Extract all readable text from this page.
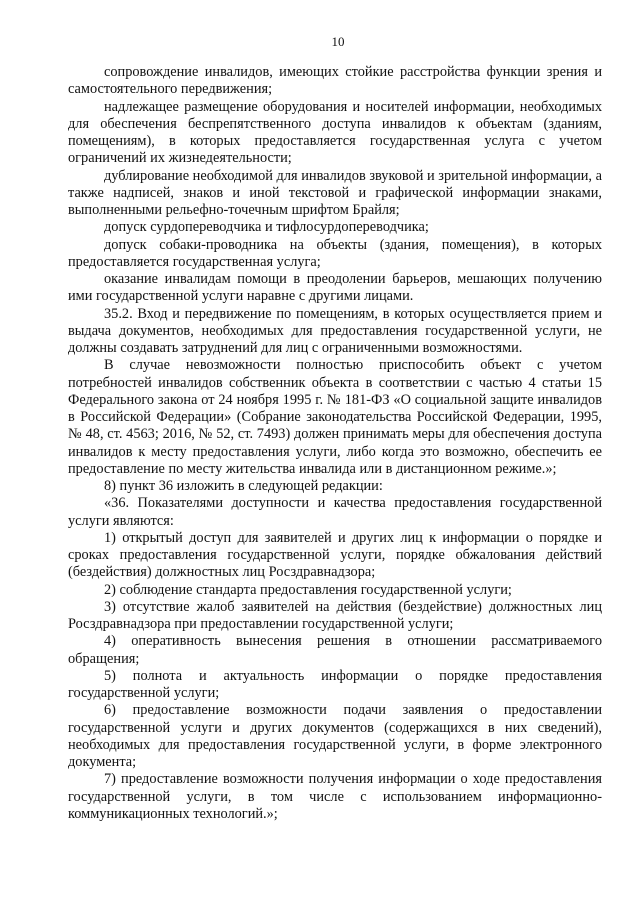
10

сопровождение инвалидов, имеющих стойкие расстройства функции зрения и самостоятельного передвижения;

надлежащее размещение оборудования и носителей информации, необходимых для обеспечения беспрепятственного доступа инвалидов к объектам (зданиям, помещениям), в которых предоставляется государственная услуга с учетом ограничений их жизнедеятельности;

дублирование необходимой для инвалидов звуковой и зрительной информации, а также надписей, знаков и иной текстовой и графической информации знаками, выполненными рельефно-точечным шрифтом Брайля;

допуск сурдопереводчика и тифлосурдопереводчика;

допуск собаки-проводника на объекты (здания, помещения), в которых предоставляется государственная услуга;

оказание инвалидам помощи в преодолении барьеров, мешающих получению ими государственной услуги наравне с другими лицами.

35.2. Вход и передвижение по помещениям, в которых осуществляется прием и выдача документов, необходимых для предоставления государственной услуги, не должны создавать затруднений для лиц с ограниченными возможностями.

В случае невозможности полностью приспособить объект с учетом потребностей инвалидов собственник объекта в соответствии с частью 4 статьи 15 Федерального закона от 24 ноября 1995 г. № 181-ФЗ «О социальной защите инвалидов в Российской Федерации» (Собрание законодательства Российской Федерации, 1995, № 48, ст. 4563; 2016, № 52, ст. 7493) должен принимать меры для обеспечения доступа инвалидов к месту предоставления услуги, либо когда это возможно, обеспечить ее предоставление по месту жительства инвалида или в дистанционном режиме.»;

8) пункт 36 изложить в следующей редакции:

«36. Показателями доступности и качества предоставления государственной услуги являются:

1) открытый доступ для заявителей и других лиц к информации о порядке и сроках предоставления государственной услуги, порядке обжалования действий (бездействия) должностных лиц Росздравнадзора;

2) соблюдение стандарта предоставления государственной услуги;

3) отсутствие жалоб заявителей на действия (бездействие) должностных лиц Росздравнадзора при предоставлении государственной услуги;

4) оперативность вынесения решения в отношении рассматриваемого обращения;

5) полнота и актуальность информации о порядке предоставления государственной услуги;

6) предоставление возможности подачи заявления о предоставлении государственной услуги и других документов (содержащихся в них сведений), необходимых для предоставления государственной услуги, в форме электронного документа;

7) предоставление возможности получения информации о ходе предоставления государственной услуги, в том числе с использованием информационно-коммуникационных технологий.»;
